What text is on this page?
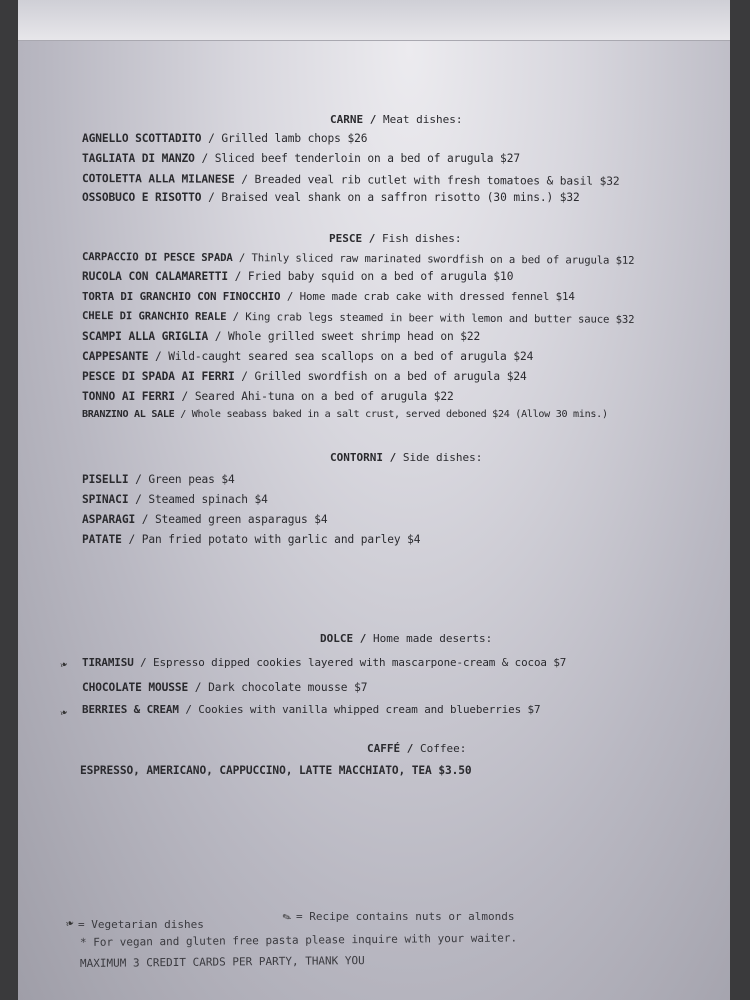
CARNE / Meat dishes:
AGNELLO SCOTTADITO / Grilled lamb chops $26
TAGLIATA DI MANZO / Sliced beef tenderloin on a bed of arugula $27
COTOLETTA ALLA MILANESE / Breaded veal rib cutlet with fresh tomatoes & basil $32
OSSOBUCO E RISOTTO / Braised veal shank on a saffron risotto (30 mins.) $32
PESCE / Fish dishes:
CARPACCIO DI PESCE SPADA / Thinly sliced raw marinated swordfish on a bed of arugula $12
RUCOLA CON CALAMARETTI / Fried baby squid on a bed of arugula $10
TORTA DI GRANCHIO CON FINOCCHIO / Home made crab cake with dressed fennel $14
CHELE DI GRANCHIO REALE / King crab legs steamed in beer with lemon and butter sauce $32
SCAMPI ALLA GRIGLIA / Whole grilled sweet shrimp head on $22
CAPPESANTE / Wild-caught seared sea scallops on a bed of arugula $24
PESCE DI SPADA AI FERRI / Grilled swordfish on a bed of arugula $24
TONNO AI FERRI / Seared Ahi-tuna on a bed of arugula $22
BRANZINO AL SALE / Whole seabass baked in a salt crust, served deboned $24 (Allow 30 mins.)
CONTORNI / Side dishes:
PISELLI / Green peas $4
SPINACI / Steamed spinach $4
ASPARAGI / Steamed green asparagus $4
PATATE / Pan fried potato with garlic and parley $4
DOLCE / Home made deserts:
❧ TIRAMISU / Espresso dipped cookies layered with mascarpone-cream & cocoa $7
CHOCOLATE MOUSSE / Dark chocolate mousse $7
❧ BERRIES & CREAM / Cookies with vanilla whipped cream and blueberries $7
CAFFÉ / Coffee:
ESPRESSO, AMERICANO, CAPPUCCINO, LATTE MACCHIATO, TEA $3.50
❧ = Vegetarian dishes	✎ = Recipe contains nuts or almonds
* For vegan and gluten free pasta please inquire with your waiter.
MAXIMUM 3 CREDIT CARDS PER PARTY, THANK YOU
